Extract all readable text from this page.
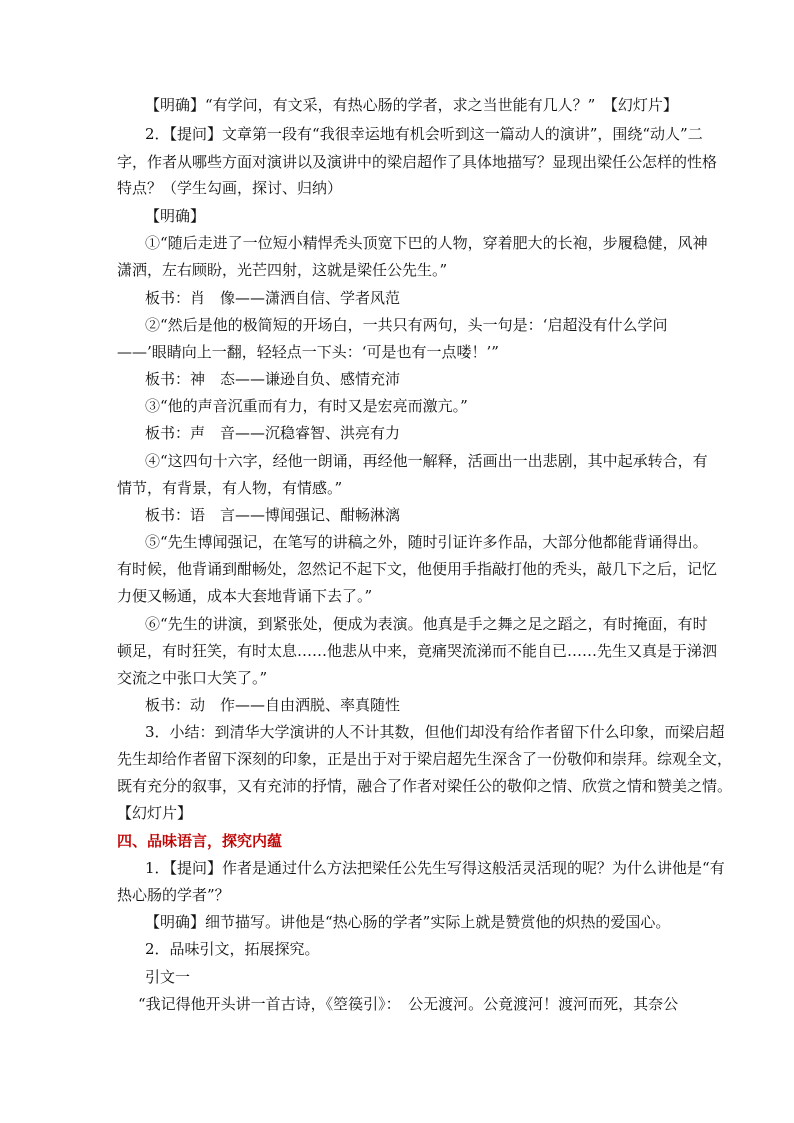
【明确】“有学问，有文采，有热心肠的学者，求之当世能有几人？”　【幻灯片】
2．【提问】文章第一段有“我很幸运地有机会听到这一篇动人的演讲”，围绕“动人”二
字，作者从哪些方面对演讲以及演讲中的梁启超作了具体地描写？显现出梁任公怎样的性格
特点？（学生勾画，探讨、归纳）
【明确】
①“随后走进了一位短小精悍秃头顶宽下巴的人物，穿着肥大的长袍，步履稳健，风神
潇洒，左右顾盼，光芒四射，这就是梁任公先生。”
板书：肖　像——潇洒自信、学者风范
②“然后是他的极简短的开场白，一共只有两句，头一句是：‘启超没有什么学问
——’眼睛向上一翻，轻轻点一下头：‘可是也有一点喽！’”
板书：神　态——谦逊自负、感情充沛
③“他的声音沉重而有力，有时又是宏亮而激亢。”
板书：声　音——沉稳睿智、洪亮有力
④“这四句十六字，经他一朗诵，再经他一解释，活画出一出悲剧，其中起承转合，有
情节，有背景，有人物，有情感。”
板书：语　言——博闻强记、酣畅淋漓
⑤“先生博闻强记，在笔写的讲稿之外，随时引证许多作品，大部分他都能背诵得出。
有时候，他背诵到酣畅处，忽然记不起下文，他便用手指敲打他的秃头，敲几下之后，记忆
力便又畅通，成本大套地背诵下去了。”
⑥“先生的讲演，到紧张处，便成为表演。他真是手之舞之足之蹈之，有时掩面，有时
顿足，有时狂笑，有时太息……他悲从中来，竟痛哭流涕而不能自已……先生又真是于涕泗
交流之中张口大笑了。”
板书：动　作——自由洒脱、率真随性
3．小结：到清华大学演讲的人不计其数，但他们却没有给作者留下什么印象，而梁启超
先生却给作者留下深刻的印象，正是出于对于梁启超先生深含了一份敬仰和崇拜。综观全文，
既有充分的叙事，又有充沛的抒情，融合了作者对梁任公的敬仰之情、欣赏之情和赞美之情。
【幻灯片】
四、品味语言，探究内蕴
1．【提问】作者是通过什么方法把梁任公先生写得这般活灵活现的呢？为什么讲他是“有
热心肠的学者”？
【明确】细节描写。讲他是“热心肠的学者”实际上就是赞赏他的炽热的爱国心。
2．品味引文，拓展探究。
引文一
“我记得他开头讲一首古诗，《箜篌引》：　公无渡河。公竟渡河！渡河而死，其奈公
